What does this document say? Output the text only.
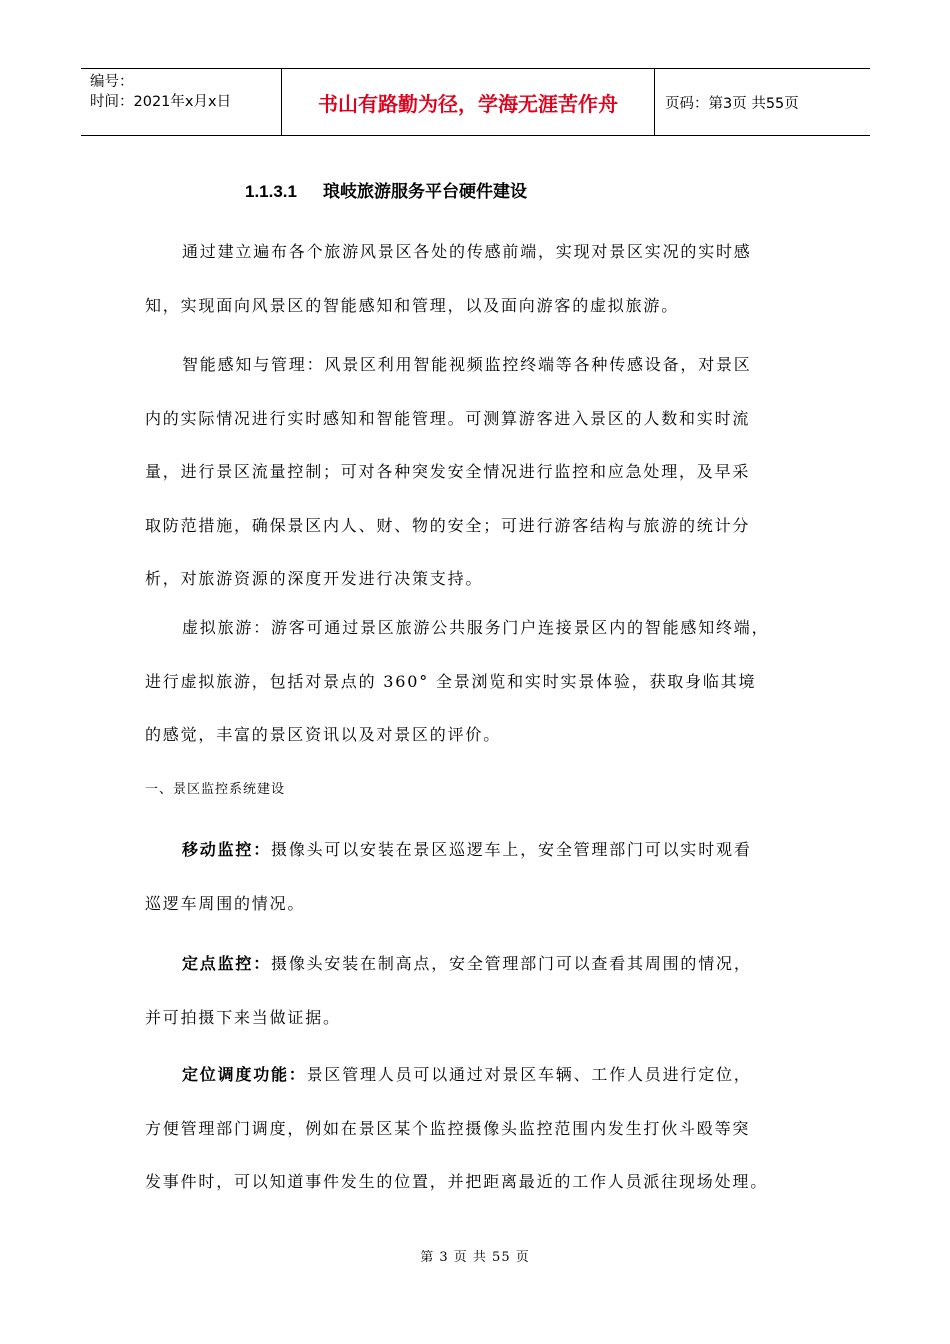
编号：
时间：2021年x月x日	书山有路勤为径，学海无涯苦作舟	页码：第3页 共55页
1.1.3.1 琅岐旅游服务平台硬件建设

通过建立遍布各个旅游风景区各处的传感前端，实现对景区实况的实时感

知，实现面向风景区的智能感知和管理，以及面向游客的虚拟旅游。

智能感知与管理：风景区利用智能视频监控终端等各种传感设备，对景区

内的实际情况进行实时感知和智能管理。可测算游客进入景区的人数和实时流
量，进行景区流量控制；可对各种突发安全情况进行监控和应急处理，及早采
取防范措施，确保景区内人、财、物的安全；可进行游客结构与旅游的统计分
析，对旅游资源的深度开发进行决策支持。

虚拟旅游：游客可通过景区旅游公共服务门户连接景区内的智能感知终端，

进行虚拟旅游，包括对景点的 360° 全景浏览和实时实景体验，获取身临其境
的感觉，丰富的景区资讯以及对景区的评价。
一、景区监控系统建设

移动监控：摄像头可以安装在景区巡逻车上，安全管理部门可以实时观看

巡逻车周围的情况。

定点监控：摄像头安装在制高点，安全管理部门可以查看其周围的情况，

并可拍摄下来当做证据。

定位调度功能：景区管理人员可以通过对景区车辆、工作人员进行定位，

方便管理部门调度，例如在景区某个监控摄像头监控范围内发生打伙斗殴等突
发事件时，可以知道事件发生的位置，并把距离最近的工作人员派往现场处理。
第 3 页 共 55 页
